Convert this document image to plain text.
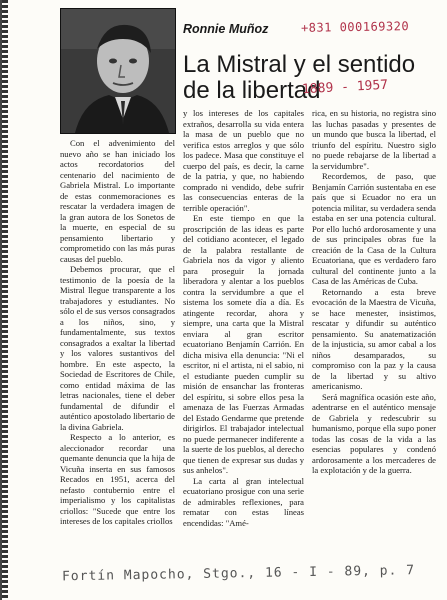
Ronnie Muñoz	+831 000169320
La Mistral y el sentido de la libertad
1889 - 1957

Con el advenimiento del nuevo año se han iniciado los actos recordatorios del centenario del nacimiento de Gabriela Mistral. Lo importante de estas conmemoraciones es rescatar la verdadera imagen de la gran autora de los Sonetos de la muerte, en especial de su pensamiento libertario y comprometido con las más puras causas del pueblo.

Debemos procurar, que el testimonio de la poesía de la Mistral llegue transparente a los trabajadores y estudiantes. No sólo el de sus versos consagrados a los niños, sino, y fundamentalmente, sus textos consagrados a exaltar la libertad y los valores sustantivos del hombre. En este aspecto, la Sociedad de Escritores de Chile, como entidad máxima de las letras nacionales, tiene el deber fundamental de difundir el auténtico apostolado libertario de la divina Gabriela.

Respecto a lo anterior, es aleccionador recordar una quemante denuncia que la hija de Vicuña inserta en sus famosos Recados en 1951, acerca del nefasto contubernio entre el imperialismo y los capitalistas criollos: "Sucede que entre los intereses de los capitales criollos

y los intereses de los capitales extraños, desarrolla su vida entera la masa de un pueblo que no verifica estos arreglos y que sólo los padece. Masa que constituye el cuerpo del país, es decir, la carne de la patria, y que, no habiendo comprado ni vendido, debe sufrir las consecuencias enteras de la terrible operación".

En este tiempo en que la proscripción de las ideas es parte del cotidiano acontecer, el legado de la palabra restallante de Gabriela nos da vigor y aliento para proseguir la jornada liberadora y alentar a los pueblos contra la servidumbre a que el sistema los somete día a día. Es atingente recordar, ahora y siempre, una carta que la Mistral enviara al gran escritor ecuatoriano Benjamín Carrión. En dicha misiva ella denuncia: "Ni el escritor, ni el artista, ni el sabio, ni el estudiante pueden cumplir su misión de ensanchar las fronteras del espíritu, si sobre ellos pesa la amenaza de las Fuerzas Armadas del Estado Gendarme que pretende dirigirlos. El trabajador intelectual no puede permanecer indiferente a la suerte de los pueblos, al derecho que tienen de expresar sus dudas y sus anhelos".

La carta al gran intelectual ecuatoriano prosigue con una serie de admirables reflexiones, para rematar con estas líneas encendidas: "Amé-

rica, en su historia, no registra sino las luchas pasadas y presentes de un mundo que busca la libertad, el triunfo del espíritu. Nuestro siglo no puede rebajarse de la libertad a la servidumbre".

Recordemos, de paso, que Benjamín Carrión sustentaba en ese país que si Ecuador no era un potencia militar, su verdadera senda estaba en ser una potencia cultural. Por ello luchó ardorosamente y una de sus principales obras fue la creación de la Casa de la Cultura Ecuatoriana, que es verdadero faro cultural del continente junto a la Casa de las Américas de Cuba.

Retornando a esta breve evocación de la Maestra de Vicuña, se hace menester, insistimos, rescatar y difundir su auténtico pensamiento. Su anatematización de la injusticia, su amor cabal a los niños desamparados, su compromiso con la paz y la causa de la libertad y su altivo americanismo.

Será magnífica ocasión este año, adentrarse en el auténtico mensaje de Gabriela y redescubrir su humanismo, porque ella supo poner todas las cosas de la vida a las esencias populares y condenó ardorosamente a los mercaderes de la explotación y de la guerra.

Fortín Mapocho, Stgo., 16 - I - 89, p. 7
